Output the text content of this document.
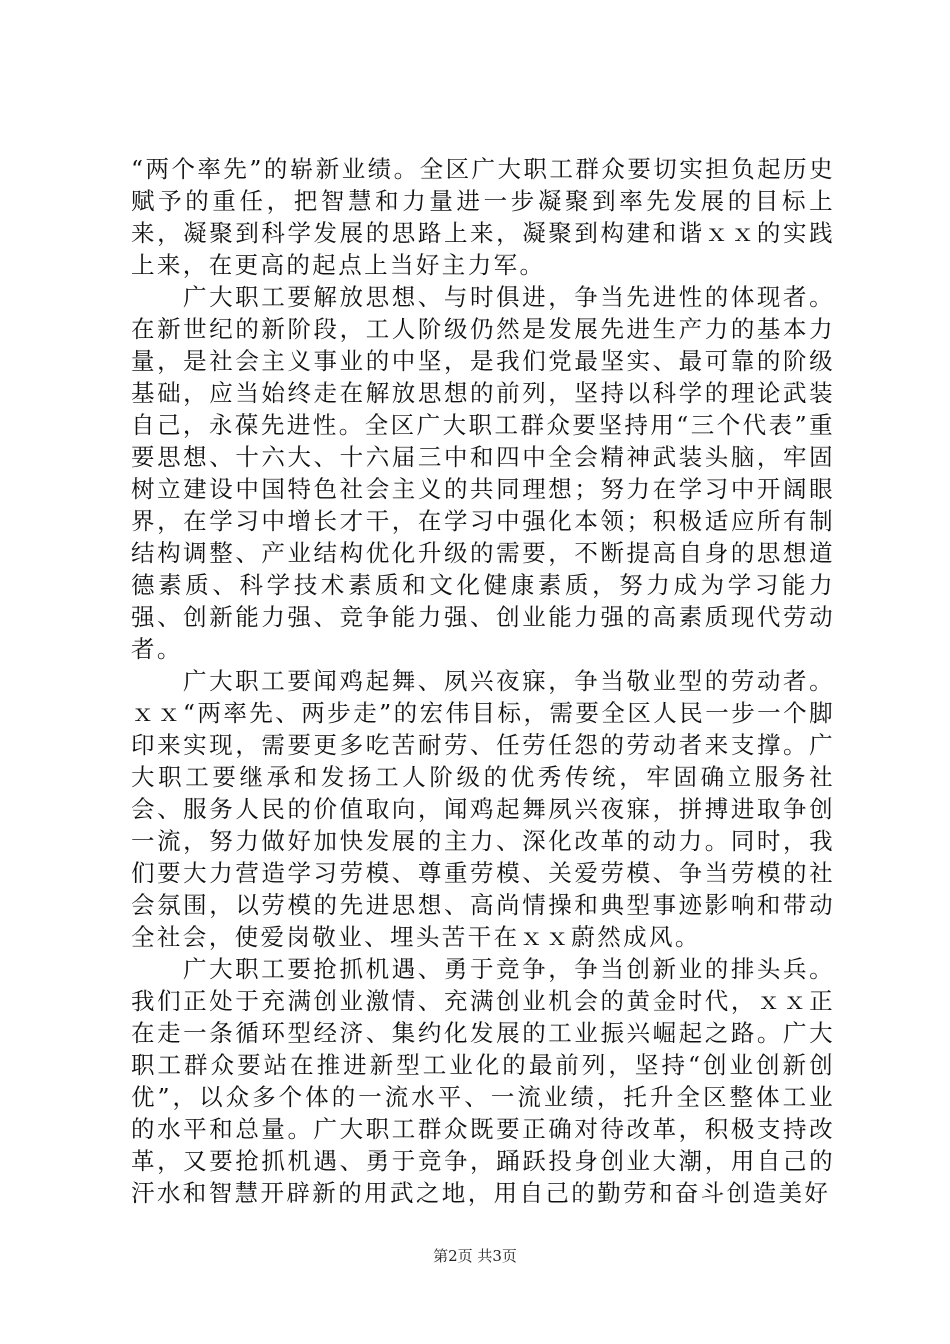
“两个率先”的崭新业绩。全区广大职工群众要切实担负起历史赋予的重任，把智慧和力量进一步凝聚到率先发展的目标上来，凝聚到科学发展的思路上来，凝聚到构建和谐ｘｘ的实践上来，在更高的起点上当好主力军。

广大职工要解放思想、与时俱进，争当先进性的体现者。在新世纪的新阶段，工人阶级仍然是发展先进生产力的基本力量，是社会主义事业的中坚，是我们党最坚实、最可靠的阶级基础，应当始终走在解放思想的前列，坚持以科学的理论武装自己，永葆先进性。全区广大职工群众要坚持用“三个代表”重要思想、十六大、十六届三中和四中全会精神武装头脑，牢固树立建设中国特色社会主义的共同理想；努力在学习中开阔眼界，在学习中增长才干，在学习中强化本领；积极适应所有制结构调整、产业结构优化升级的需要，不断提高自身的思想道德素质、科学技术素质和文化健康素质，努力成为学习能力强、创新能力强、竞争能力强、创业能力强的高素质现代劳动者。

广大职工要闻鸡起舞、夙兴夜寐，争当敬业型的劳动者。ｘｘ“两率先、两步走”的宏伟目标，需要全区人民一步一个脚印来实现，需要更多吃苦耐劳、任劳任怨的劳动者来支撑。广大职工要继承和发扬工人阶级的优秀传统，牢固确立服务社会、服务人民的价值取向，闻鸡起舞夙兴夜寐，拼搏进取争创一流，努力做好加快发展的主力、深化改革的动力。同时，我们要大力营造学习劳模、尊重劳模、关爱劳模、争当劳模的社会氛围，以劳模的先进思想、高尚情操和典型事迹影响和带动全社会，使爱岗敬业、埋头苦干在ｘｘ蔚然成风。

广大职工要抢抓机遇、勇于竞争，争当创新业的排头兵。我们正处于充满创业激情、充满创业机会的黄金时代，ｘｘ正在走一条循环型经济、集约化发展的工业振兴崛起之路。广大职工群众要站在推进新型工业化的最前列，坚持“创业创新创优”，以众多个体的一流水平、一流业绩，托升全区整体工业的水平和总量。广大职工群众既要正确对待改革，积极支持改革，又要抢抓机遇、勇于竞争，踊跃投身创业大潮，用自己的汗水和智慧开辟新的用武之地，用自己的勤劳和奋斗创造美好

第2页 共3页
